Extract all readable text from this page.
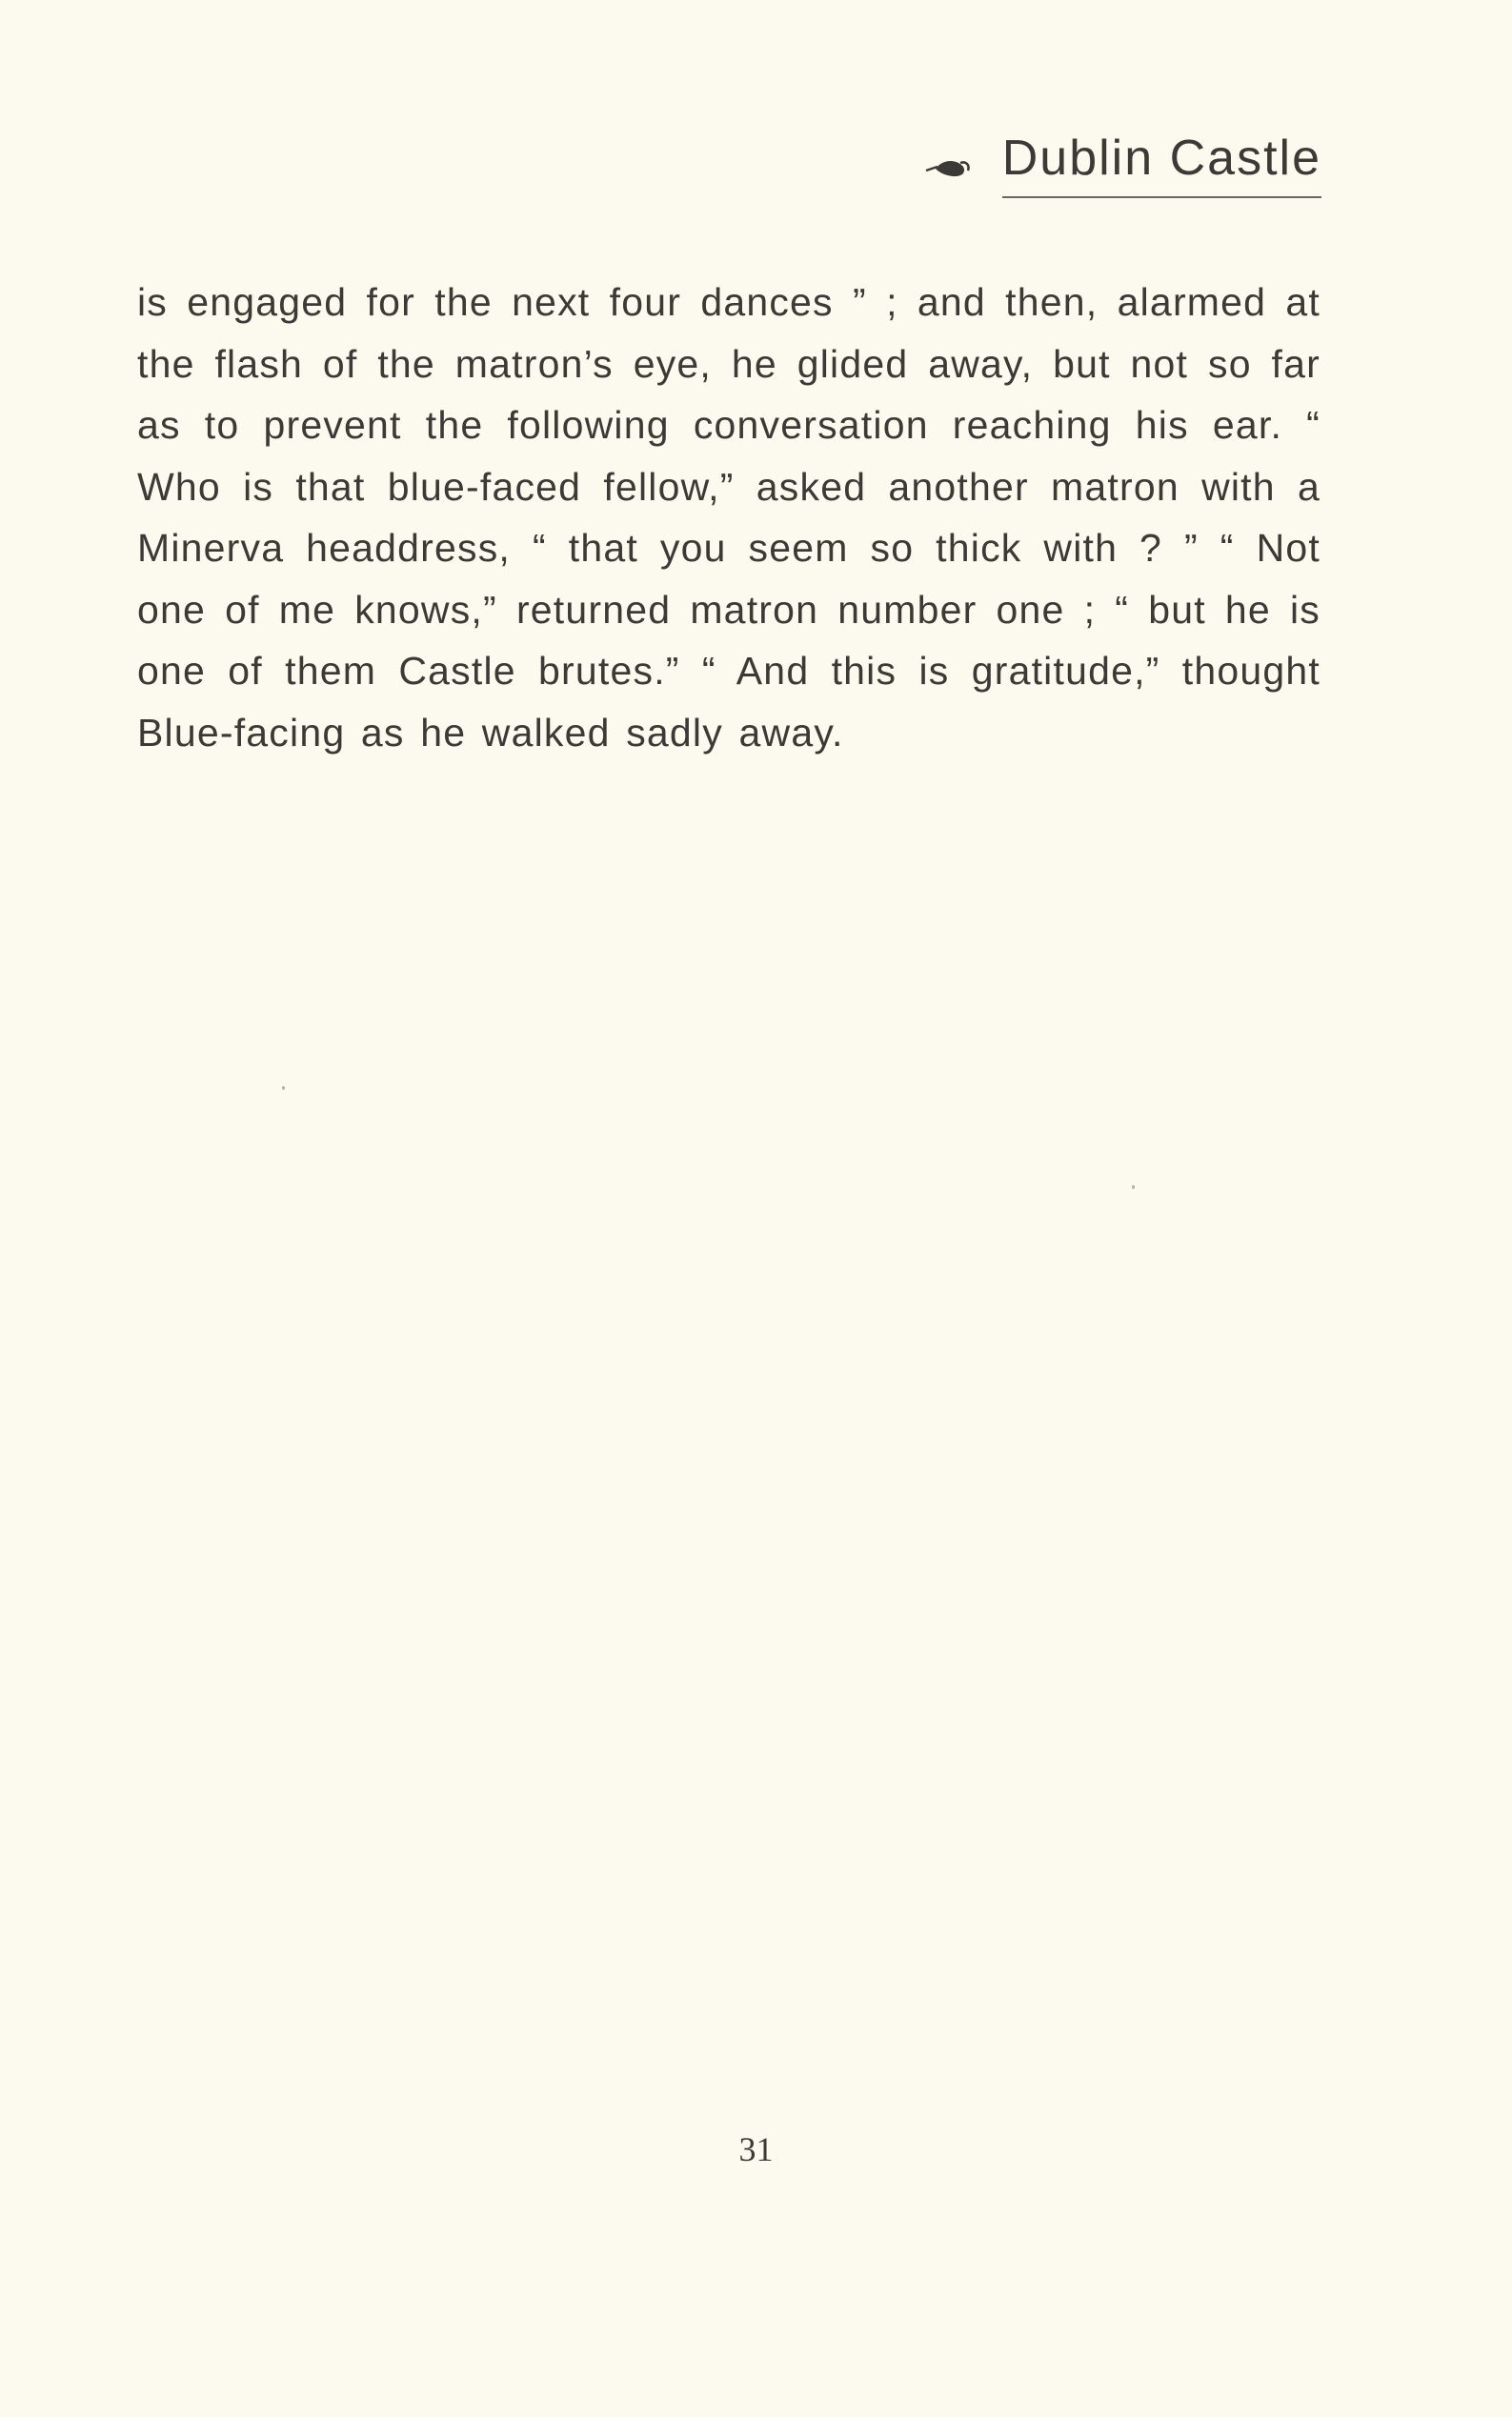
Dublin Castle

is engaged for the next four dances ” ; and then, alarmed at the flash of the matron’s eye, he glided away, but not so far as to prevent the following conversation reaching his ear. “ Who is that blue-faced fellow,” asked another matron with a Minerva headdress, “ that you seem so thick with ? ” “ Not one of me knows,” returned matron number one ; “ but he is one of them Castle brutes.” “ And this is gratitude,” thought Blue-facing as he walked sadly away.

31
